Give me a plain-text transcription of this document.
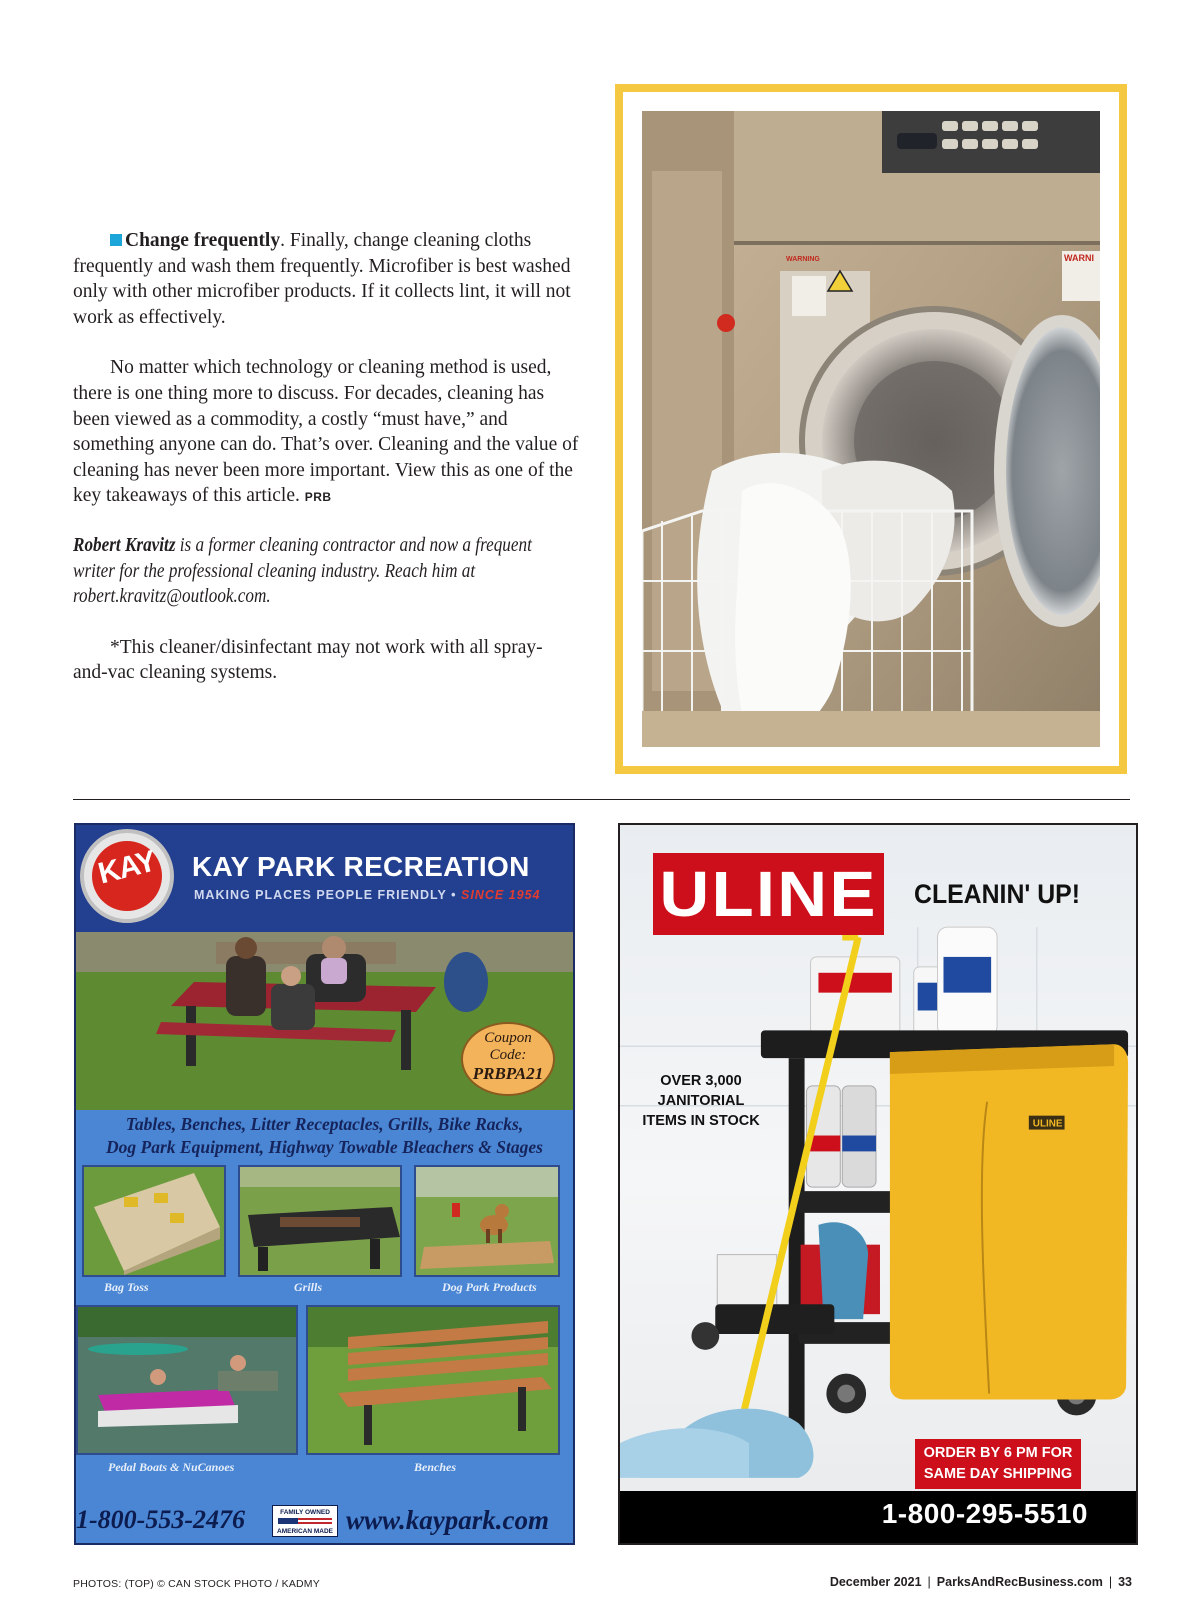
Change frequently. Finally, change cleaning cloths frequently and wash them frequently. Microfiber is best washed only with other microfiber products. If it collects lint, it will not work as effectively.

No matter which technology or cleaning method is used, there is one thing more to discuss. For decades, cleaning has been viewed as a commodity, a costly “must have,” and something anyone can do. That’s over. Cleaning and the value of cleaning has never been more important. View this as one of the key takeaways of this article. PRB

Robert Kravitz is a former cleaning contractor and now a frequent writer for the professional cleaning industry. Reach him at robert.kravitz@outlook.com.

*This cleaner/disinfectant may not work with all spray-and-vac cleaning systems.

WARNI
WARNING
KAY	KAY PARK RECREATION
MAKING PLACES PEOPLE FRIENDLY • SINCE 1954
Coupon
Code:
PRBPA21
Tables, Benches, Litter Receptacles, Grills, Bike Racks,
Dog Park Equipment, Highway Towable Bleachers & Stages
Bag Toss	Grills	Dog Park Products
Pedal Boats & NuCanoes	Benches
1-800-553-2476	FAMILY OWNED
AMERICAN MADE www.kaypark.com
ULINE
ULINE	CLEANIN' UP!
OVER 3,000
JANITORIAL
ITEMS IN STOCK
ORDER BY 6 PM FOR
SAME DAY SHIPPING
1-800-295-5510
PHOTOS: (TOP) © CAN STOCK PHOTO / KADMY	December 2021 | ParksAndRecBusiness.com | 33
